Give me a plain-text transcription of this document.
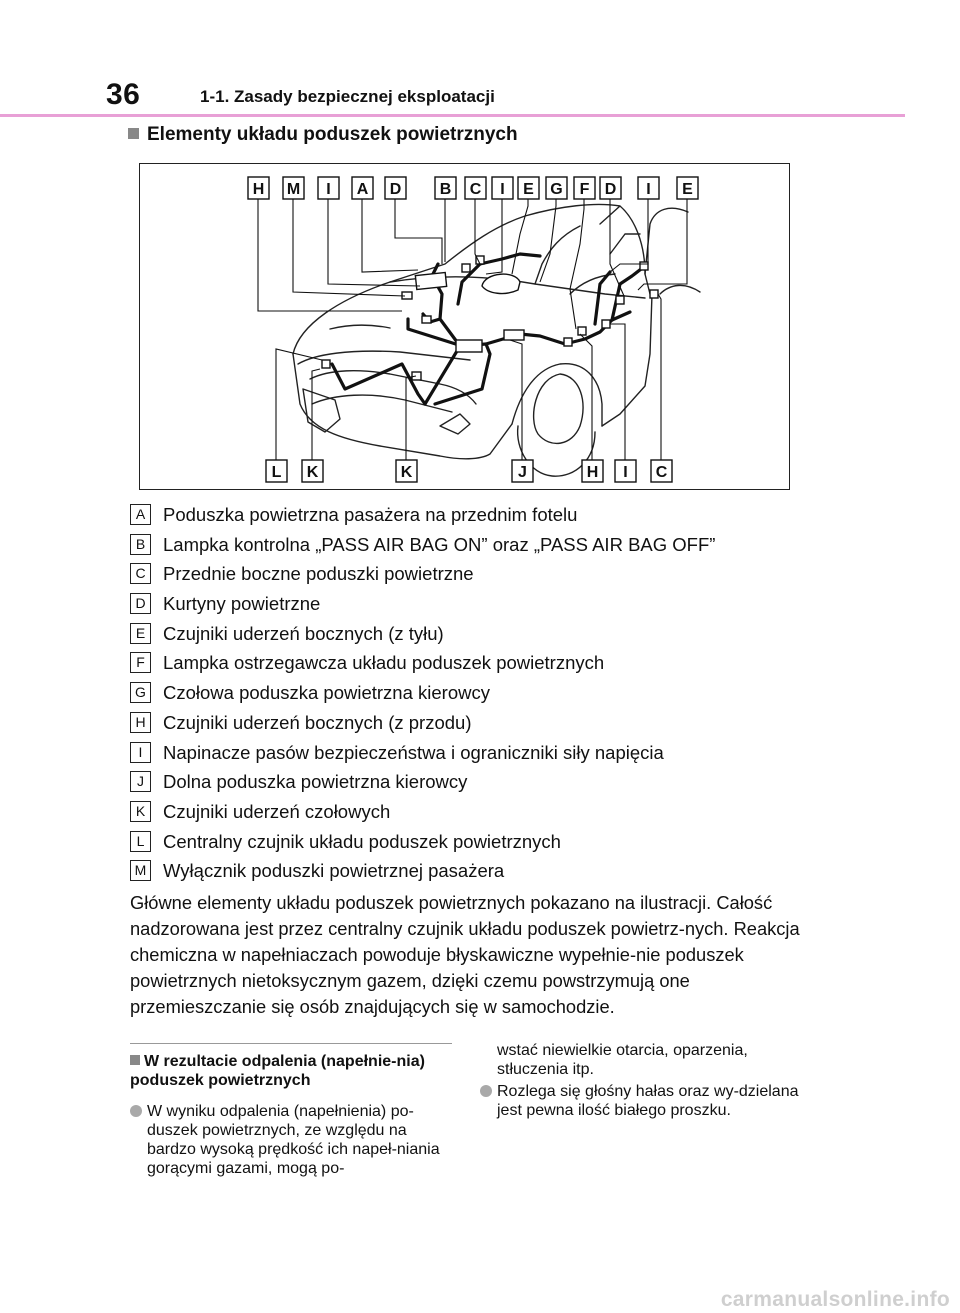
36	1-1. Zasady bezpiecznej eksploatacji
Elementy układu poduszek powietrznych
H M I A D B C I E G F D I E
L K	K	J	H I C
A Poduszka powietrzna pasażera na przednim fotelu
B Lampka kontrolna „PASS AIR BAG ON” oraz „PASS AIR BAG OFF”
C Przednie boczne poduszki powietrzne
D Kurtyny powietrzne
E Czujniki uderzeń bocznych (z tyłu)
F Lampka ostrzegawcza układu poduszek powietrznych
G Czołowa poduszka powietrzna kierowcy
H Czujniki uderzeń bocznych (z przodu)
I	Napinacze pasów bezpieczeństwa i ograniczniki siły napięcia
J	Dolna poduszka powietrzna kierowcy
K Czujniki uderzeń czołowych
L	Centralny czujnik układu poduszek powietrznych
M Wyłącznik poduszki powietrznej pasażera

Główne elementy układu poduszek powietrznych pokazano na ilustracji. Całość nadzorowana jest przez centralny czujnik układu poduszek powietrz-nych. Reakcja chemiczna w napełniaczach powoduje błyskawiczne wypełnie-nie poduszek powietrznych nietoksycznym gazem, dzięki czemu powstrzymują one przemieszczanie się osób znajdujących się w samochodzie.

W rezultacie odpalenia (napełnie-nia) poduszek powietrznych
W wyniku odpalenia (napełnienia) po-duszek powietrznych, ze względu na bardzo wysoką prędkość ich napeł-niania gorącymi gazami, mogą po-
wstać niewielkie otarcia, oparzenia, stłuczenia itp.
Rozlega się głośny hałas oraz wy-dzielana jest pewna ilość białego proszku.
carmanualsonline.info
